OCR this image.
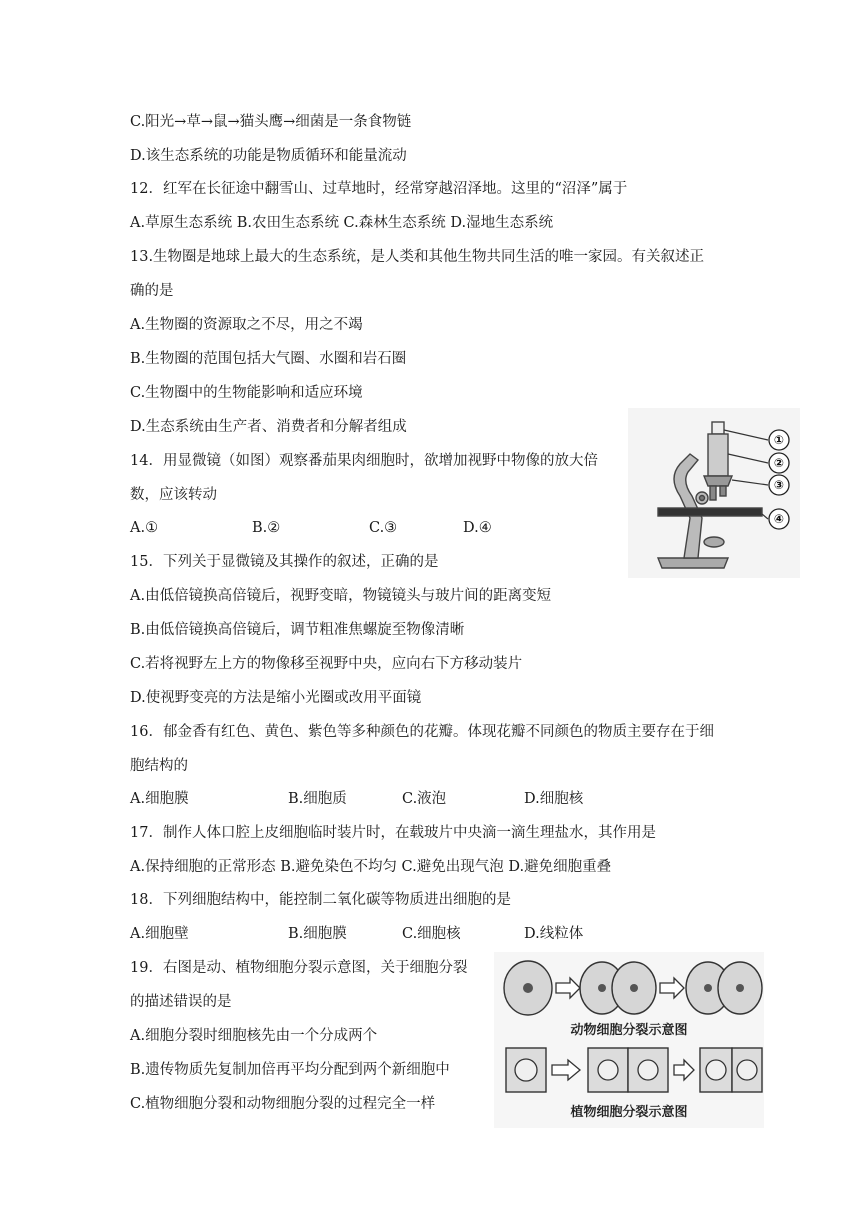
C.阳光→草→鼠→猫头鹰→细菌是一条食物链
D.该生态系统的功能是物质循环和能量流动
12．红军在长征途中翻雪山、过草地时，经常穿越沼泽地。这里的“沼泽”属于
A.草原生态系统 B.农田生态系统 C.森林生态系统 D.湿地生态系统
13.生物圈是地球上最大的生态系统，是人类和其他生物共同生活的唯一家园。有关叙述正
确的是
A.生物圈的资源取之不尽，用之不竭
B.生物圈的范围包括大气圈、水圈和岩石圈
C.生物圈中的生物能影响和适应环境
D.生态系统由生产者、消费者和分解者组成
14．用显微镜（如图）观察番茄果肉细胞时，欲增加视野中物像的放大倍
数，应该转动
A.①	B.②	C.③	D.④
15．下列关于显微镜及其操作的叙述，正确的是
A.由低倍镜换高倍镜后，视野变暗，物镜镜头与玻片间的距离变短
B.由低倍镜换高倍镜后，调节粗准焦螺旋至物像清晰
C.若将视野左上方的物像移至视野中央，应向右下方移动装片
D.使视野变亮的方法是缩小光圈或改用平面镜
16．郁金香有红色、黄色、紫色等多种颜色的花瓣。体现花瓣不同颜色的物质主要存在于细
胞结构的
A.细胞膜	B.细胞质	C.液泡	D.细胞核
17．制作人体口腔上皮细胞临时装片时，在载玻片中央滴一滴生理盐水，其作用是
A.保持细胞的正常形态 B.避免染色不均匀 C.避免出现气泡 D.避免细胞重叠
18．下列细胞结构中，能控制二氧化碳等物质进出细胞的是
A.细胞壁	B.细胞膜	C.细胞核	D.线粒体
19．右图是动、植物细胞分裂示意图，关于细胞分裂
的描述错误的是
A.细胞分裂时细胞核先由一个分成两个
B.遗传物质先复制加倍再平均分配到两个新细胞中
C.植物细胞分裂和动物细胞分裂的过程完全一样
①
②
③
④
动物细胞分裂示意图
植物细胞分裂示意图
